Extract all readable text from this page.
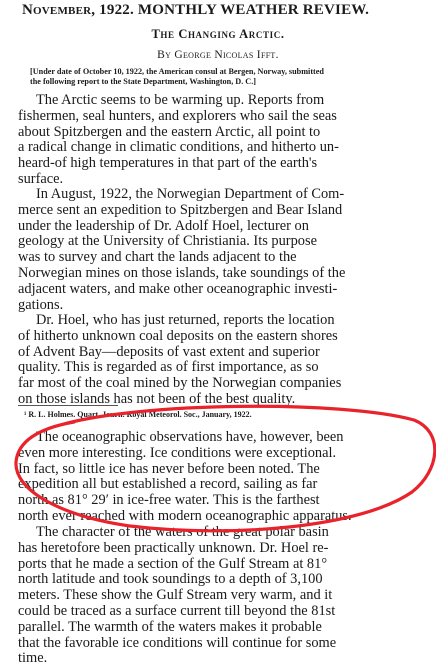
November, 1922. MONTHLY WEATHER REVIEW.
The Changing Arctic.
By George Nicolas Ifft.
[Under date of October 10, 1922, the American consul at Bergen, Norway, submitted
the following report to the State Department, Washington, D. C.]

The Arctic seems to be warming up. Reports from
fishermen, seal hunters, and explorers who sail the seas
about Spitzbergen and the eastern Arctic, all point to
a radical change in climatic conditions, and hitherto un-
heard-of high temperatures in that part of the earth's
surface.

In August, 1922, the Norwegian Department of Com-
merce sent an expedition to Spitzbergen and Bear Island
under the leadership of Dr. Adolf Hoel, lecturer on
geology at the University of Christiania. Its purpose
was to survey and chart the lands adjacent to the
Norwegian mines on those islands, take soundings of the
adjacent waters, and make other oceanographic investi-
gations.

Dr. Hoel, who has just returned, reports the location
of hitherto unknown coal deposits on the eastern shores
of Advent Bay—deposits of vast extent and superior
quality. This is regarded as of first importance, as so
far most of the coal mined by the Norwegian companies
on those islands has not been of the best quality.

¹ R. L. Holmes. Quart. Journ. Royal Meteorol. Soc., January, 1922.

The oceanographic observations have, however, been
even more interesting. Ice conditions were exceptional.
In fact, so little ice has never before been noted. The
expedition all but established a record, sailing as far
north as 81° 29′ in ice-free water. This is the farthest
north ever reached with modern oceanographic apparatus.

The character of the waters of the great polar basin
has heretofore been practically unknown. Dr. Hoel re-
ports that he made a section of the Gulf Stream at 81°
north latitude and took soundings to a depth of 3,100
meters. These show the Gulf Stream very warm, and it
could be traced as a surface current till beyond the 81st
parallel. The warmth of the waters makes it probable
that the favorable ice conditions will continue for some
time.
